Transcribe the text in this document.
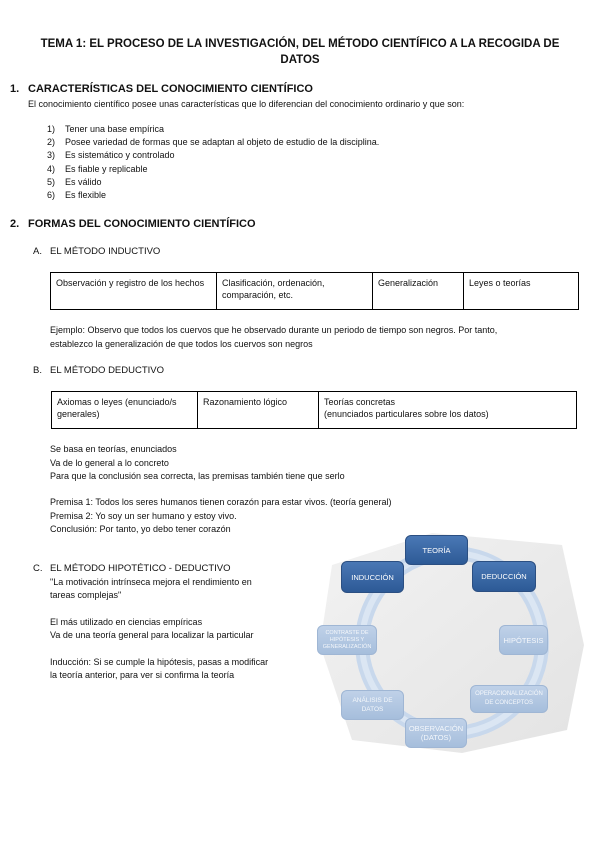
TEMA 1: EL PROCESO DE LA INVESTIGACIÓN, DEL MÉTODO CIENTÍFICO A LA RECOGIDA DE DATOS
1. CARACTERÍSTICAS DEL CONOCIMIENTO CIENTÍFICO
El conocimiento científico posee unas características que lo diferencian del conocimiento ordinario y que son:
1) Tener una base empírica
2) Posee variedad de formas que se adaptan al objeto de estudio de la disciplina.
3) Es sistemático y controlado
4) Es fiable y replicable
5) Es válido
6) Es flexible
2. FORMAS DEL CONOCIMIENTO CIENTÍFICO
A. EL MÉTODO INDUCTIVO
Observación y registro de los hechos	Clasificación, ordenación, comparación, etc.	Generalización	Leyes o teorías
Ejemplo: Observo que todos los cuervos que he observado durante un periodo de tiempo son negros. Por tanto,
establezco la generalización de que todos los cuervos son negros
B. EL MÉTODO DEDUCTIVO
Axiomas o leyes (enunciado/s generales)	Razonamiento lógico	Teorías concretas
(enunciados particulares sobre los datos)
Se basa en teorías, enunciados
Va de lo general a lo concreto
Para que la conclusión sea correcta, las premisas también tiene que serlo
Premisa 1: Todos los seres humanos tienen corazón para estar vivos. (teoría general)
Premisa 2: Yo soy un ser humano y estoy vivo.
Conclusión: Por tanto, yo debo tener corazón
C. EL MÉTODO HIPOTÉTICO - DEDUCTIVO
"La motivación intrínseca mejora el rendimiento en
tareas complejas"
El más utilizado en ciencias empíricas
Va de una teoría general para localizar la particular
Inducción: Si se cumple la hipótesis, pasas a modificar
la teoría anterior, para ver si confirma la teoría
TEORÍA
DEDUCCIÓN
HIPÓTESIS
OPERACIONALIZACIÓN DE CONCEPTOS
OBSERVACIÓN (DATOS)
ANÁLISIS DE DATOS
CONTRASTE DE HIPÓTESIS Y GENERALIZACIÓN
INDUCCIÓN
